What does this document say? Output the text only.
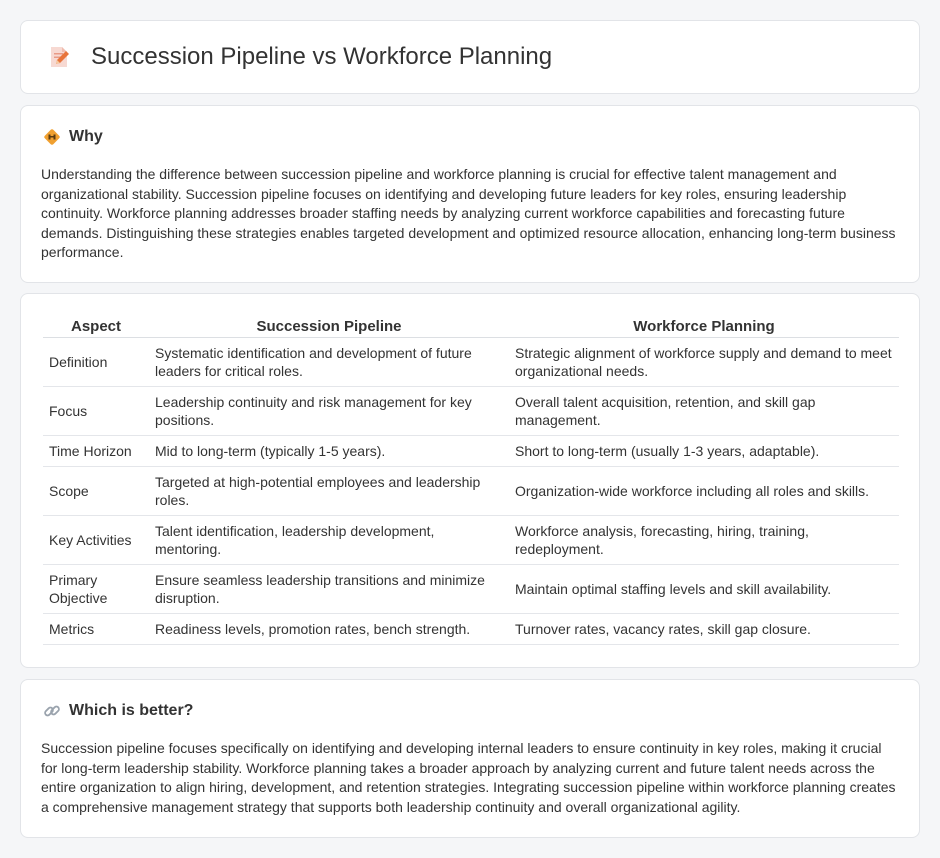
Succession Pipeline vs Workforce Planning
Why

Understanding the difference between succession pipeline and workforce planning is crucial for effective talent management and organizational stability. Succession pipeline focuses on identifying and developing future leaders for key roles, ensuring leadership continuity. Workforce planning addresses broader staffing needs by analyzing current workforce capabilities and forecasting future demands. Distinguishing these strategies enables targeted development and optimized resource allocation, enhancing long-term business performance.

Aspect	Succession Pipeline	Workforce Planning
Definition	Systematic identification and development of future leaders for critical roles.	Strategic alignment of workforce supply and demand to meet organizational needs.
Focus	Leadership continuity and risk management for key positions.	Overall talent acquisition, retention, and skill gap management.
Time Horizon	Mid to long-term (typically 1-5 years).	Short to long-term (usually 1-3 years, adaptable).
Scope	Targeted at high-potential employees and leadership roles.	Organization-wide workforce including all roles and skills.
Key Activities	Talent identification, leadership development, mentoring.	Workforce analysis, forecasting, hiring, training, redeployment.
Primary Objective	Ensure seamless leadership transitions and minimize disruption.	Maintain optimal staffing levels and skill availability.
Metrics	Readiness levels, promotion rates, bench strength.	Turnover rates, vacancy rates, skill gap closure.
Which is better?

Succession pipeline focuses specifically on identifying and developing internal leaders to ensure continuity in key roles, making it crucial for long-term leadership stability. Workforce planning takes a broader approach by analyzing current and future talent needs across the entire organization to align hiring, development, and retention strategies. Integrating succession pipeline within workforce planning creates a comprehensive management strategy that supports both leadership continuity and overall organizational agility.
